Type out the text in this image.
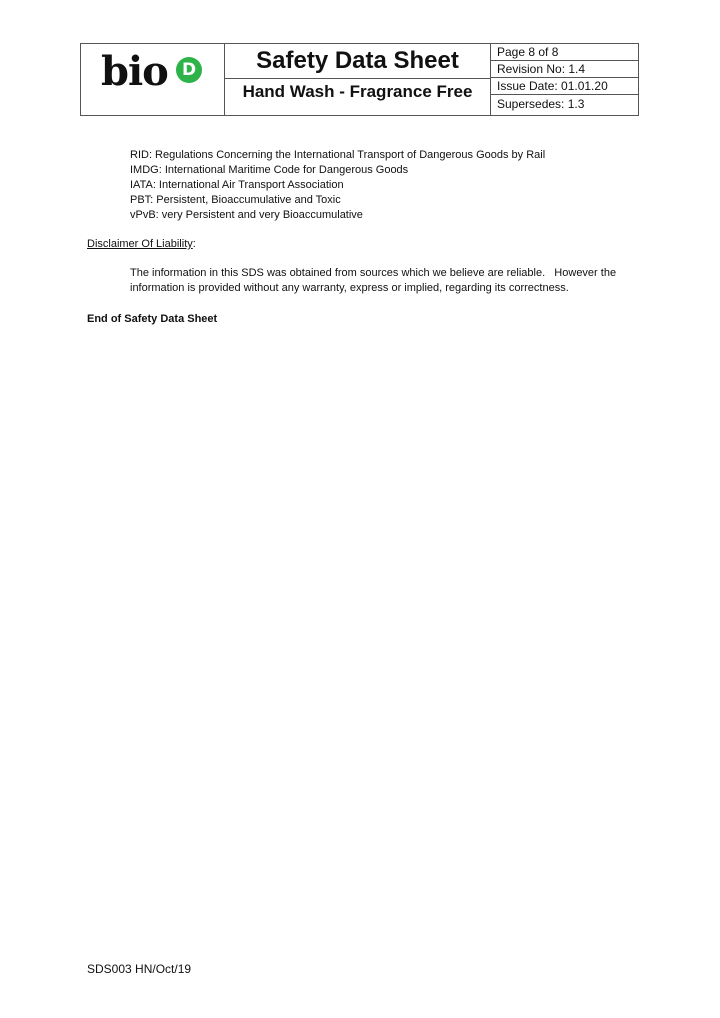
bio D	Safety Data Sheet
Hand Wash - Fragrance Free
Page 8 of 8
Revision No: 1.4
Issue Date: 01.01.20
Supersedes: 1.3
RID: Regulations Concerning the International Transport of Dangerous Goods by Rail
IMDG: International Maritime Code for Dangerous Goods
IATA: International Air Transport Association
PBT: Persistent, Bioaccumulative and Toxic
vPvB: very Persistent and very Bioaccumulative
Disclaimer Of Liability:
The information in this SDS was obtained from sources which we believe are reliable.   However the
information is provided without any warranty, express or implied, regarding its correctness.
End of Safety Data Sheet
SDS003 HN/Oct/19
